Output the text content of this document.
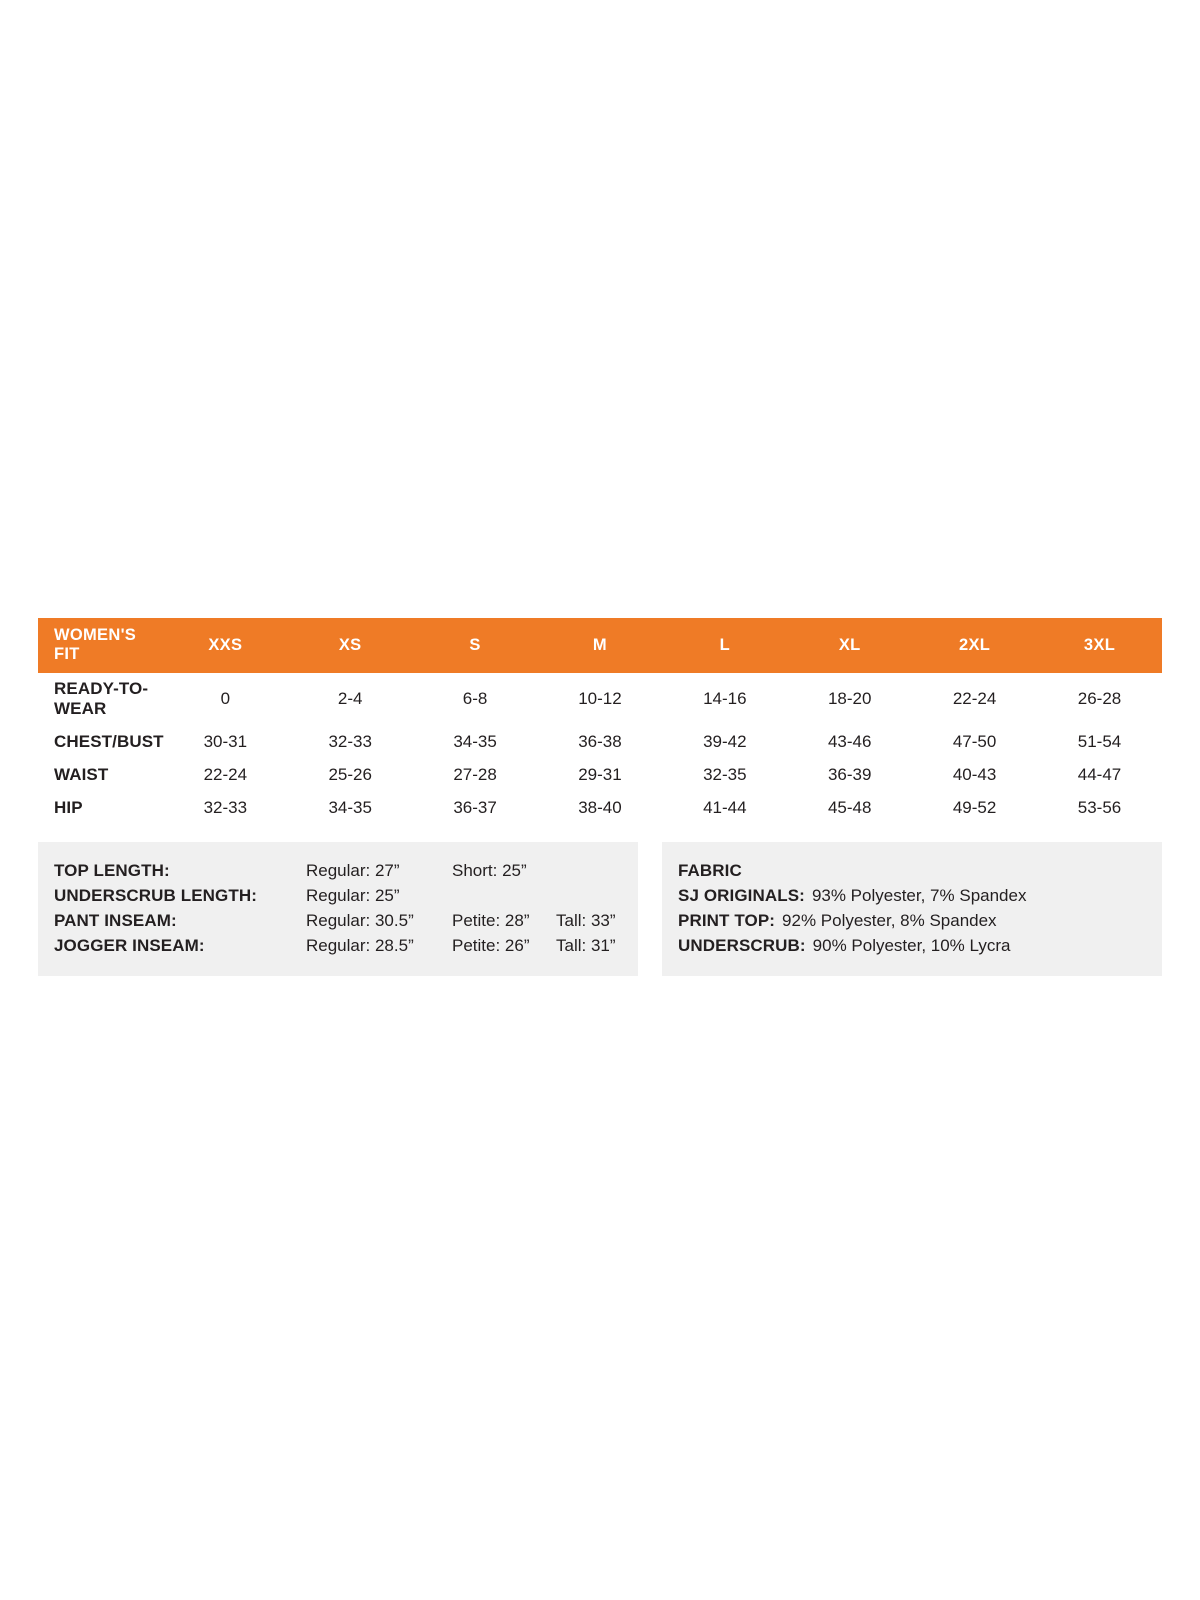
WOMEN'S FIT	XXS	XS	S	M	L	XL	2XL	3XL
READY-TO-WEAR	0	2-4	6-8	10-12	14-16	18-20	22-24	26-28
CHEST/BUST	30-31	32-33	34-35	36-38	39-42	43-46	47-50	51-54
WAIST	22-24	25-26	27-28	29-31	32-35	36-39	40-43	44-47
HIP	32-33	34-35	36-37	38-40	41-44	45-48	49-52	53-56
TOP LENGTH:	Regular: 27”	Short: 25”
UNDERSCRUB LENGTH:	Regular: 25”
PANT INSEAM:	Regular: 30.5”	Petite: 28”	Tall: 33”
JOGGER INSEAM:	Regular: 28.5”	Petite: 26”	Tall: 31”
FABRIC
SJ ORIGINALS: 93% Polyester, 7% Spandex
PRINT TOP: 92% Polyester, 8% Spandex
UNDERSCRUB: 90% Polyester, 10% Lycra
